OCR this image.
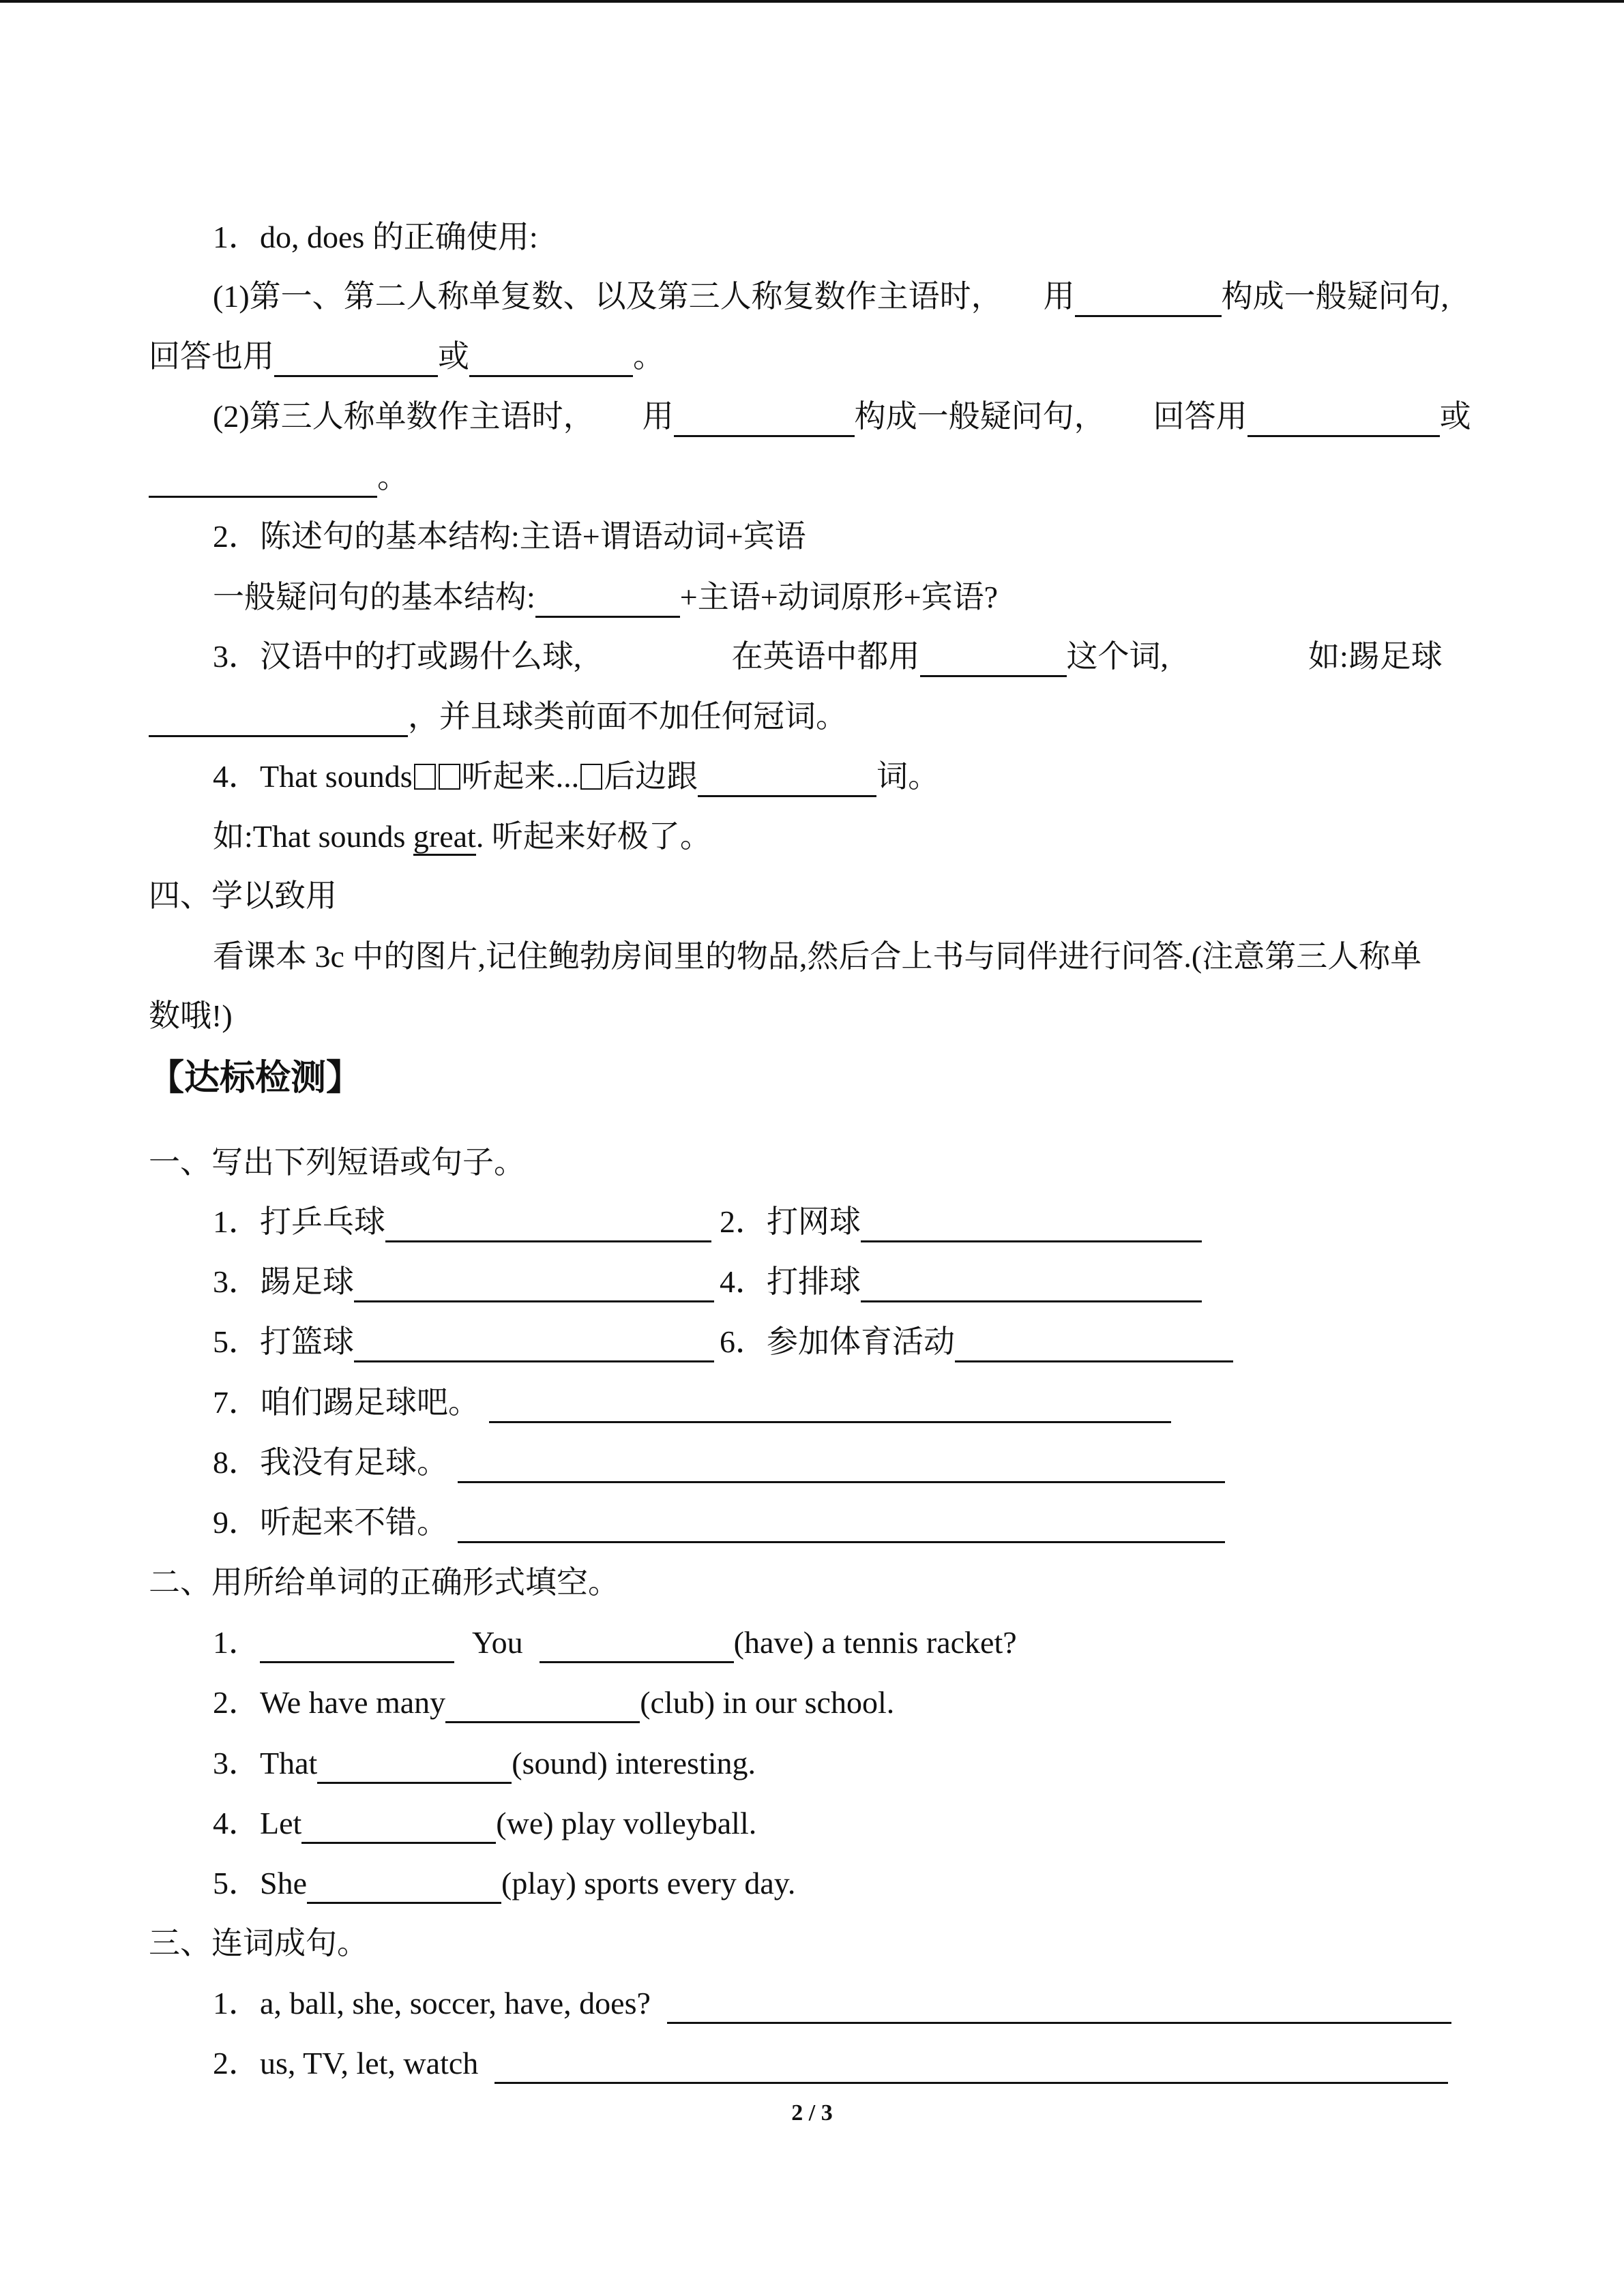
1．do, does 的正确使用:
(1)第一、第二人称单复数、以及第三人称复数作主语时， 用	构成一般疑问句,
回答也用	或	。
(2)第三人称单数作主语时， 用	构成一般疑问句， 回答用	或
。
2．陈述句的基本结构:主语+谓语动词+宾语
一般疑问句的基本结构:	+主语+动词原形+宾语?
3．汉语中的打或踢什么球,	在英语中都用	这个词,	如:踢足球
，并且球类前面不加任何冠词。
4．That sounds 听起来... 后边跟	词。
如:That sounds great. 听起来好极了。
四、学以致用
看课本 3c 中的图片,记住鲍勃房间里的物品,然后合上书与同伴进行问答.(注意第三人称单
数哦!)
【达标检测】
一、写出下列短语或句子。
1．打乒乓球	2．打网球
3．踢足球	4．打排球
5．打篮球	6．参加体育活动
7．咱们踢足球吧。
8．我没有足球。
9．听起来不错。
二、用所给单词的正确形式填空。
1．	You	(have) a tennis racket?
2．We have many	(club) in our school.
3．That	(sound) interesting.
4．Let	(we) play volleyball.
5．She	(play) sports every day.
三、连词成句。
1．a, ball, she, soccer, have, does?
2．us, TV, let, watch
2 / 3
